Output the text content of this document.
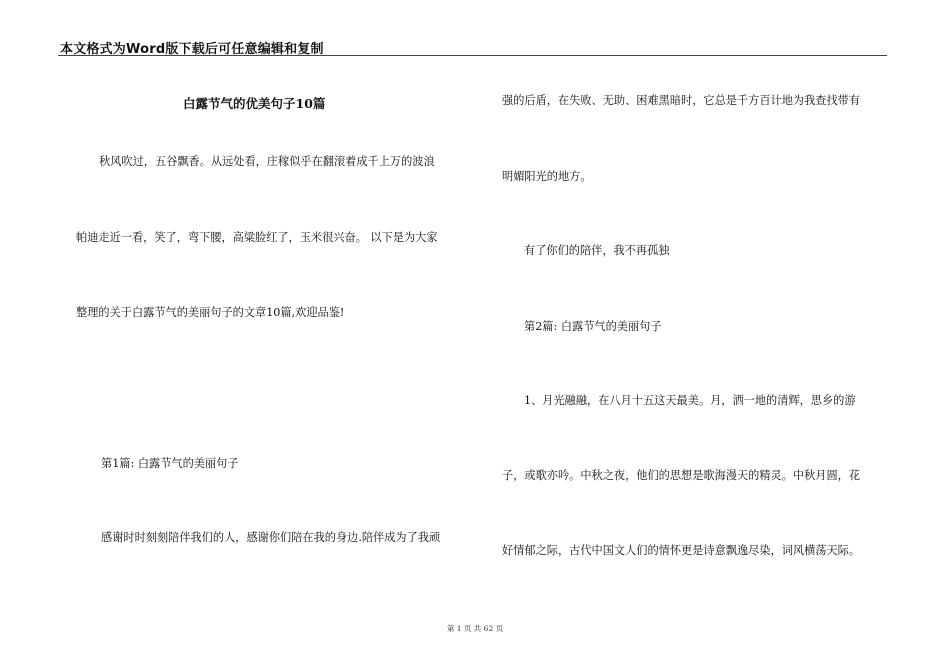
本文格式为Word版下载后可任意编辑和复制
白露节气的优美句子10篇
秋风吹过，五谷飘香。从远处看，庄稼似乎在翻滚着成千上万的波浪
帕迪走近一看，笑了，弯下腰，高粱脸红了，玉米很兴奋。 以下是为大家
整理的关于白露节气的美丽句子的文章10篇,欢迎品鉴!
第1篇: 白露节气的美丽句子
感谢时时刻刻陪伴我们的人，感谢你们陪在我的身边.陪伴成为了我顽
强的后盾，在失败、无助、困难黑暗时，它总是千方百计地为我查找带有
明媚阳光的地方。
有了你们的陪伴，我不再孤独
第2篇: 白露节气的美丽句子
1、月光融融，在八月十五这天最美。月，洒一地的清辉，思乡的游
子，或歌亦吟。中秋之夜，他们的思想是歌海漫天的精灵。中秋月圆，花
好情郁之际，古代中国文人们的情怀更是诗意飘逸尽染，词风横荡天际。
第 1 页 共 62 页
